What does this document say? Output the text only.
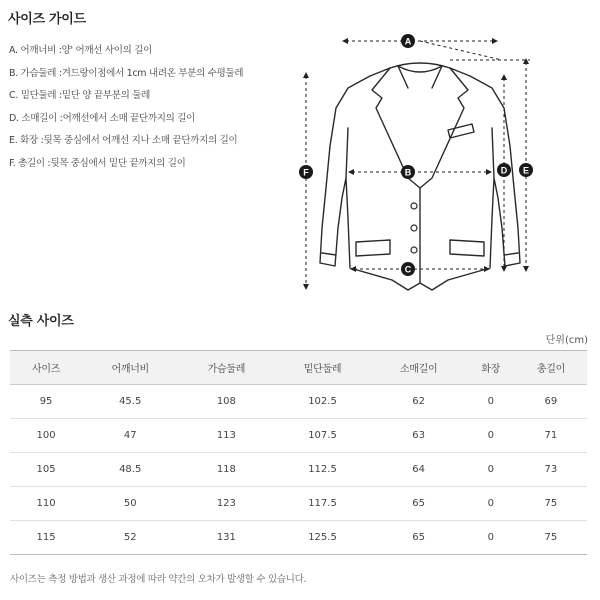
사이즈 가이드
A. 어깨너비 :양' 어깨선 사이의 길이
B. 가슴둘레 :겨드랑이점에서 1cm 내려온 부분의 수평둘레
C. 밑단둘레 :밑단 양 끝부분의 둘레
D. 소매길이 :어깨선에서 소매 끝단까지의 길이
E. 화장 :뒷목 중심에서 어깨선 지나 소매 끝단까지의 길이
F. 총길이 :뒷목 중심에서 밑단 끝까지의 길이
A
B
C
D E
F
실측 사이즈
단위(cm)
사이즈	어깨너비	가슴둘레	밑단둘레	소매길이	화장	총길이
95	45.5	108	102.5	62	0	69
100	47	113	107.5	63	0	71
105	48.5	118	112.5	64	0	73
110	50	123	117.5	65	0	75
115	52	131	125.5	65	0	75
사이즈는 측정 방법과 생산 과정에 따라 약간의 오차가 발생할 수 있습니다.
